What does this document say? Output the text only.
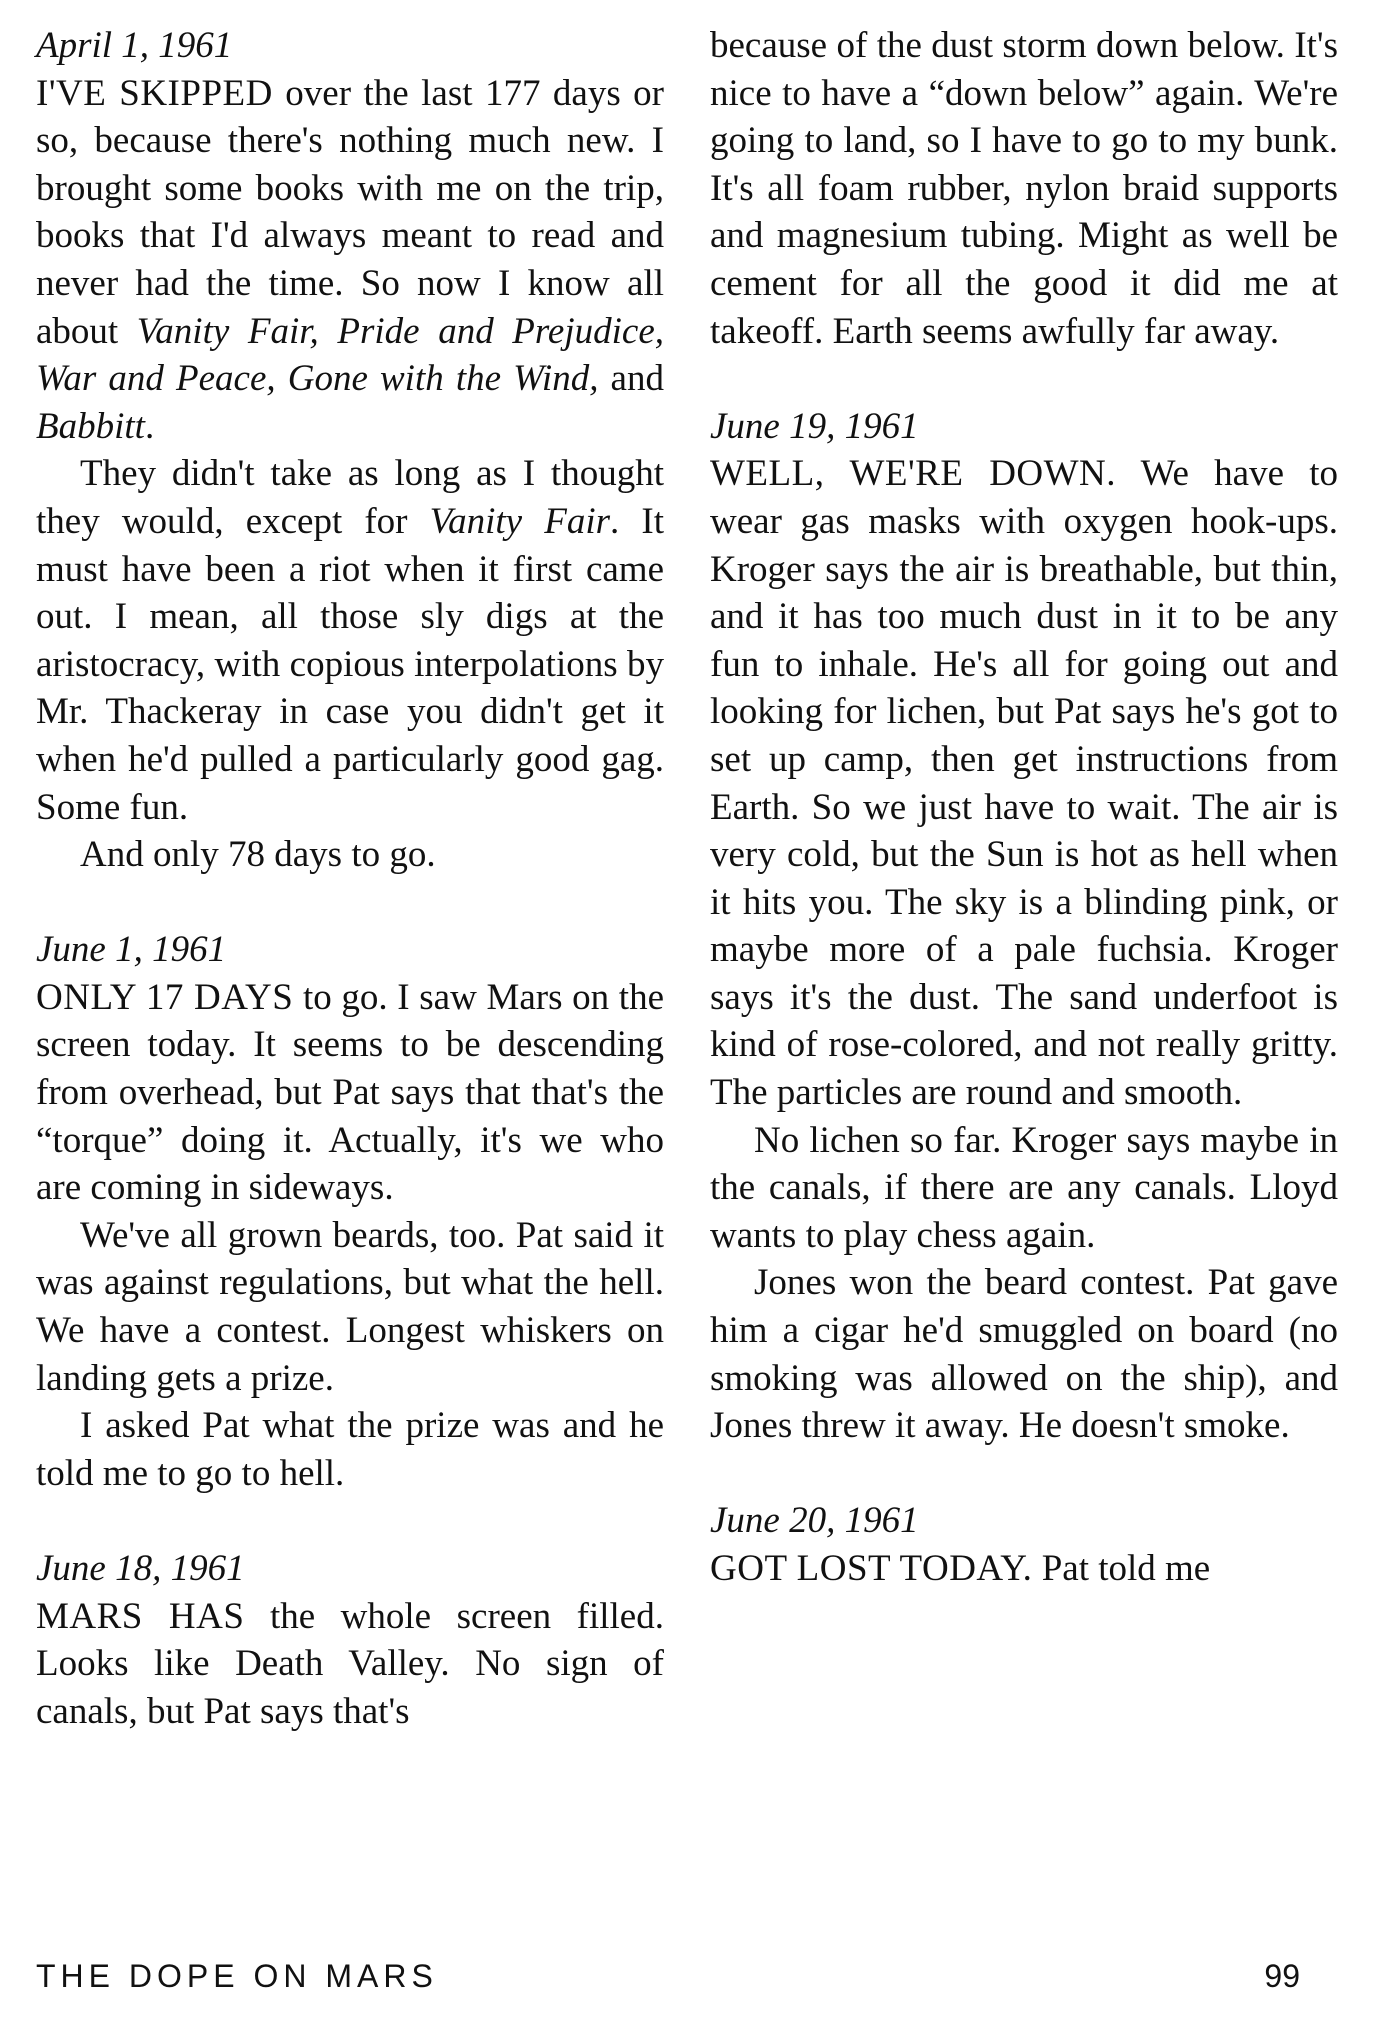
April 1, 1961

I'VE SKIPPED over the last 177 days or so, because there's nothing much new. I brought some books with me on the trip, books that I'd always meant to read and never had the time. So now I know all about Vanity Fair, Pride and Prejudice, War and Peace, Gone with the Wind, and Babbitt.

They didn't take as long as I thought they would, except for Vanity Fair. It must have been a riot when it first came out. I mean, all those sly digs at the aristocracy, with copious interpolations by Mr. Thackeray in case you didn't get it when he'd pulled a particularly good gag. Some fun.

And only 78 days to go.

June 1, 1961

ONLY 17 DAYS to go. I saw Mars on the screen today. It seems to be descending from overhead, but Pat says that that's the “torque” doing it. Actually, it's we who are coming in sideways.

We've all grown beards, too. Pat said it was against regulations, but what the hell. We have a contest. Longest whiskers on landing gets a prize.

I asked Pat what the prize was and he told me to go to hell.

June 18, 1961

MARS HAS the whole screen filled. Looks like Death Valley. No sign of canals, but Pat says that's

because of the dust storm down below. It's nice to have a “down below” again. We're going to land, so I have to go to my bunk. It's all foam rubber, nylon braid supports and magnesium tubing. Might as well be cement for all the good it did me at takeoff. Earth seems awfully far away.

June 19, 1961

WELL, WE'RE DOWN. We have to wear gas masks with oxygen hook-ups. Kroger says the air is breathable, but thin, and it has too much dust in it to be any fun to inhale. He's all for going out and looking for lichen, but Pat says he's got to set up camp, then get instructions from Earth. So we just have to wait. The air is very cold, but the Sun is hot as hell when it hits you. The sky is a blinding pink, or maybe more of a pale fuchsia. Kroger says it's the dust. The sand underfoot is kind of rose-colored, and not really gritty. The particles are round and smooth.

No lichen so far. Kroger says maybe in the canals, if there are any canals. Lloyd wants to play chess again.

Jones won the beard contest. Pat gave him a cigar he'd smuggled on board (no smoking was allowed on the ship), and Jones threw it away. He doesn't smoke.

June 20, 1961

GOT LOST TODAY. Pat told me

THE DOPE ON MARS	99
